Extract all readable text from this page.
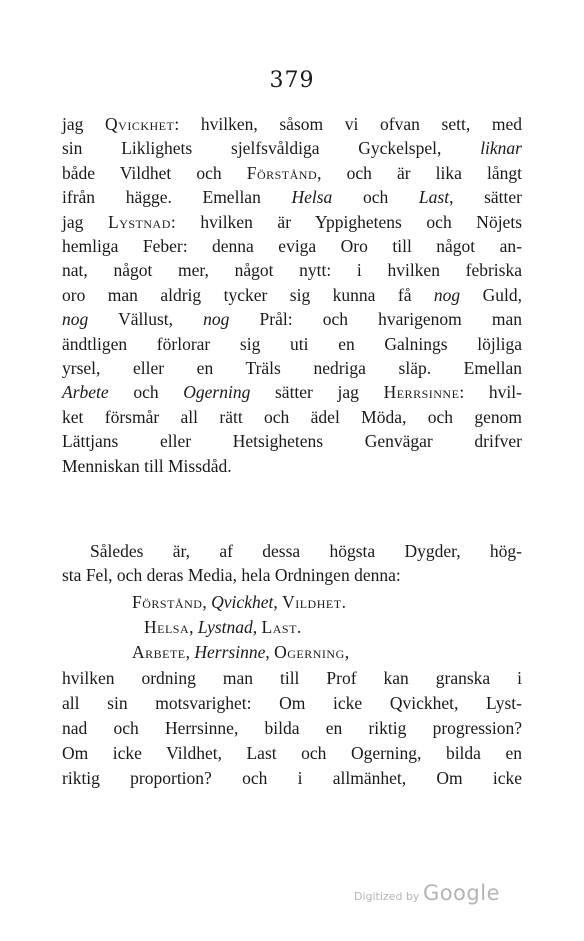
379
jag Qvickhet: hvilken, såsom vi ofvan sett, med
sin Liklighets sjelfsvåldiga Gyckelspel, liknar
både Vildhet och Förstånd, och är lika långt
ifrån hägge. Emellan Helsa och Last, sätter
jag Lystnad: hvilken är Yppighetens och Nöjets
hemliga Feber: denna eviga Oro till något an-
nat, något mer, något nytt: i hvilken febriska
oro man aldrig tycker sig kunna få nog Guld,
nog Vällust, nog Prål: och hvarigenom man
ändtligen förlorar sig uti en Galnings löjliga
yrsel, eller en Träls nedriga släp. Emellan
Arbete och Ogerning sätter jag Herrsinne: hvil-
ket försmår all rätt och ädel Möda, och genom
Lättjans eller Hetsighetens Genvägar drifver
Menniskan till Missdåd.
Således är, af dessa högsta Dygder, hög-
sta Fel, och deras Media, hela Ordningen denna:
Förstånd, Qvickhet, Vildhet.
Helsa, Lystnad, Last.
Arbete, Herrsinne, Ogerning,
hvilken ordning man till Prof kan granska i
all sin motsvarighet: Om icke Qvickhet, Lyst-
nad och Herrsinne, bilda en riktig progression?
Om icke Vildhet, Last och Ogerning, bilda en
riktig proportion? och i allmänhet, Om icke
Digitized by Google
